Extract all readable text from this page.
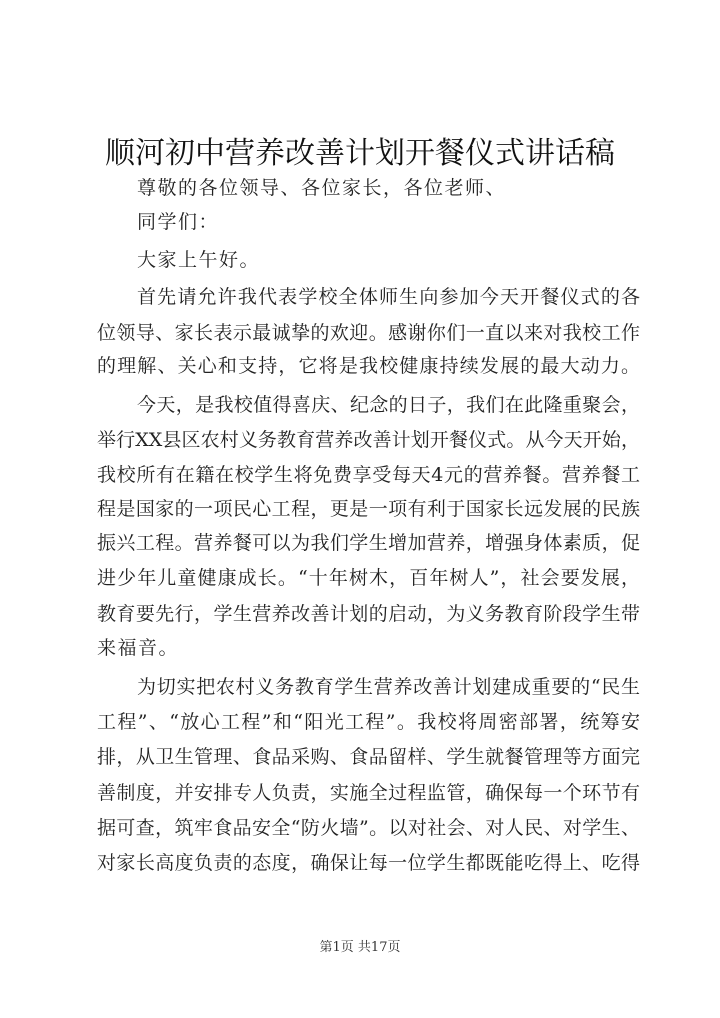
顺河初中营养改善计划开餐仪式讲话稿
尊敬的各位领导、各位家长，各位老师、
同学们：
大家上午好。
首先请允许我代表学校全体师生向参加今天开餐仪式的各
位领导、家长表示最诚挚的欢迎。感谢你们一直以来对我校工作
的理解、关心和支持，它将是我校健康持续发展的最大动力。
今天，是我校值得喜庆、纪念的日子，我们在此隆重聚会，
举行XX县区农村义务教育营养改善计划开餐仪式。从今天开始，
我校所有在籍在校学生将免费享受每天4元的营养餐。营养餐工
程是国家的一项民心工程，更是一项有利于国家长远发展的民族
振兴工程。营养餐可以为我们学生增加营养，增强身体素质，促
进少年儿童健康成长。“十年树木，百年树人”，社会要发展，
教育要先行，学生营养改善计划的启动，为义务教育阶段学生带
来福音。
为切实把农村义务教育学生营养改善计划建成重要的“民生
工程”、“放心工程”和“阳光工程”。我校将周密部署，统筹安
排，从卫生管理、食品采购、食品留样、学生就餐管理等方面完
善制度，并安排专人负责，实施全过程监管，确保每一个环节有
据可查，筑牢食品安全“防火墙”。以对社会、对人民、对学生、
对家长高度负责的态度，确保让每一位学生都既能吃得上、吃得
第1页 共17页
